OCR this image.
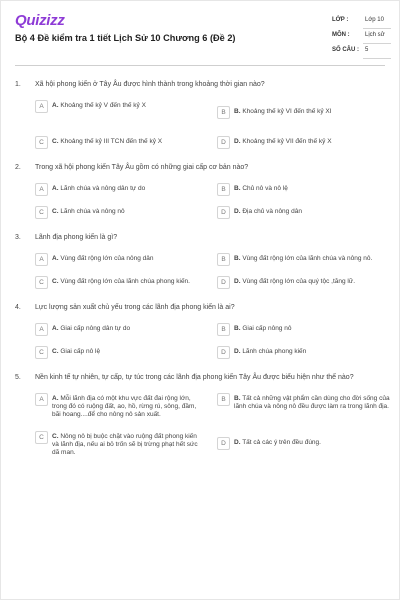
Quizizz
Bộ 4 Đề kiểm tra 1 tiết Lịch Sử 10 Chương 6 (Đề 2)
LỚP :	Lớp 10
MÔN :	Lịch sử
SỐ CÂU : 5
1. Xã hội phong kiến ở Tây Âu được hình thành trong khoảng thời gian nào?
A	A. Khoảng thế kỷ V đến thế kỷ X
B	B. Khoảng thế kỷ VI đến thế kỷ XI
C	C. Khoảng thế kỷ III TCN đến thế kỷ X	D	D. Khoảng thế kỷ VII đến thế kỷ X
2. Trong xã hội phong kiến Tây Âu gồm có những giai cấp cơ bản nào?
A	A. Lãnh chúa và nông dân tự do	B	B. Chủ nô và nô lệ
C	C. Lãnh chúa và nông nô	D	D. Địa chủ và nông dân
3. Lãnh địa phong kiến là gì?
A	A. Vùng đất rộng lớn của nông dân	B	B. Vùng đất rộng lớn của lãnh chúa và nông nô.
C	C. Vùng đất rộng lớn của lãnh chúa phong kiến.	D	D. Vùng đất rộng lớn của quý tộc ,tăng lữ.
4. Lực lượng sản xuất chủ yếu trong các lãnh địa phong kiến là ai?
A	A. Giai cấp nông dân tự do	B	B. Giai cấp nông nô
C	C. Giai cấp nô lệ	D	D. Lãnh chúa phong kiến
5. Nền kinh tế tự nhiên, tự cấp, tự túc trong các lãnh địa phong kiến Tây Âu được biểu hiện như thế nào?
A	A. Mỗi lãnh địa có một khu vực đất đai rộng lớn, trong đó có ruộng đất, ao, hồ, rừng rú, sông, đầm, bãi hoang....để cho nông nô sản xuất.
B	B. Tất cả những vật phẩm cần dùng cho đời sống của lãnh chúa và nông nô đều được làm ra trong lãnh địa.
C	C. Nông nô bị buộc chặt vào ruộng đất phong kiến và lãnh địa, nếu ai bỏ trốn sẽ bị trừng phạt hết sức dã man.
D	D. Tất cả các ý trên đều đúng.
